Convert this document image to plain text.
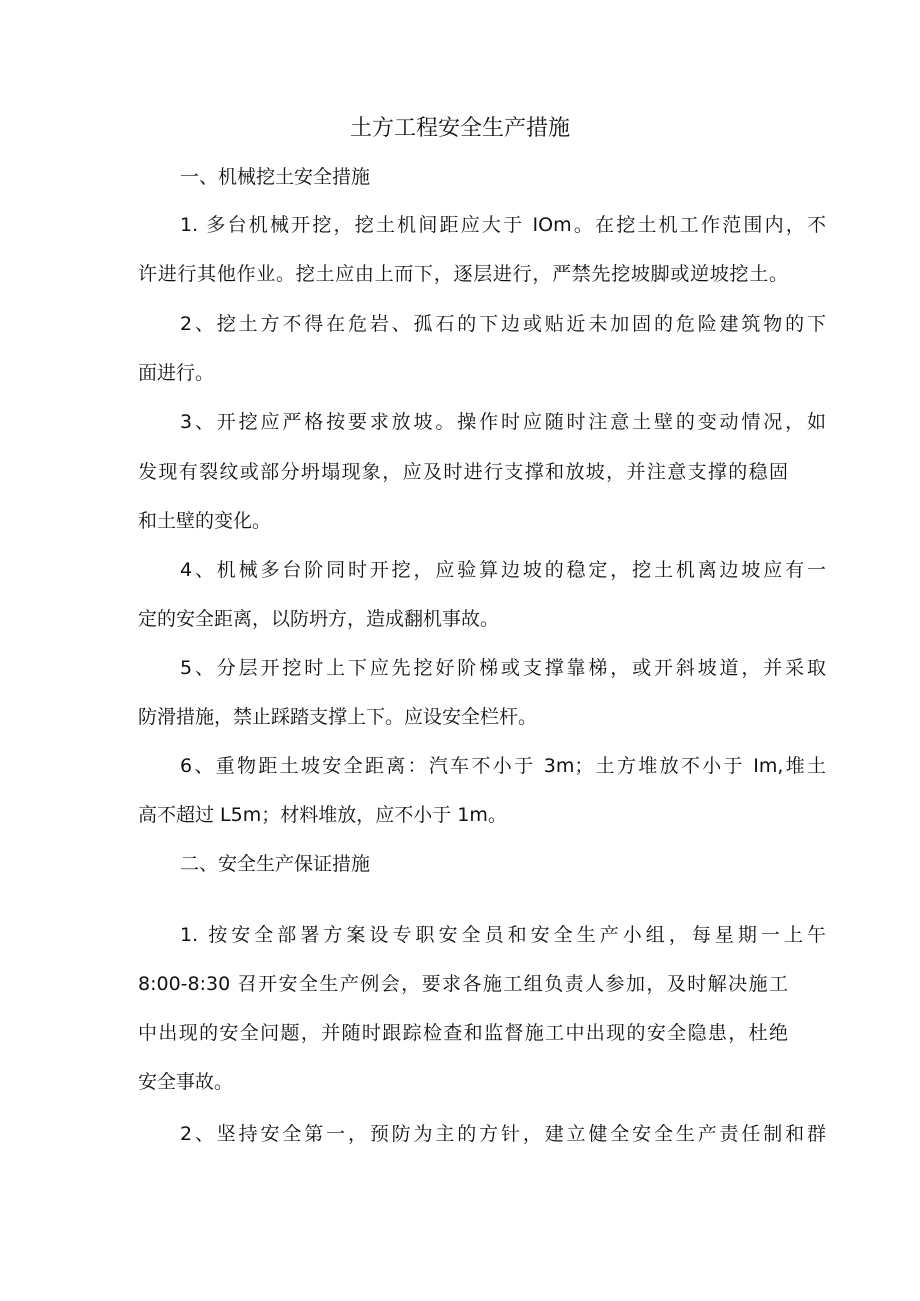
土方工程安全生产措施

一、机械挖土安全措施

1. 多台机械开挖，挖土机间距应大于 IOm。在挖土机工作范围内，不

许进行其他作业。挖土应由上而下，逐层进行，严禁先挖坡脚或逆坡挖土。

2、挖土方不得在危岩、孤石的下边或贴近未加固的危险建筑物的下

面进行。

3、开挖应严格按要求放坡。操作时应随时注意土壁的变动情况，如

发现有裂纹或部分坍塌现象，应及时进行支撑和放坡，并注意支撑的稳固

和土壁的变化。

4、机械多台阶同时开挖，应验算边坡的稳定，挖土机离边坡应有一

定的安全距离，以防坍方，造成翻机事故。

5、分层开挖时上下应先挖好阶梯或支撑靠梯，或开斜坡道，并采取

防滑措施，禁止踩踏支撑上下。应设安全栏杆。

6、重物距土坡安全距离：汽车不小于 3m；土方堆放不小于 Im,堆土

高不超过 L5m；材料堆放，应不小于 1m。

二、安全生产保证措施

1. 按安全部署方案设专职安全员和安全生产小组，每星期一上午

8:00-8:30 召开安全生产例会，要求各施工组负责人参加，及时解决施工

中出现的安全问题，并随时跟踪检查和监督施工中出现的安全隐患，杜绝

安全事故。

2、坚持安全第一，预防为主的方针，建立健全安全生产责任制和群
